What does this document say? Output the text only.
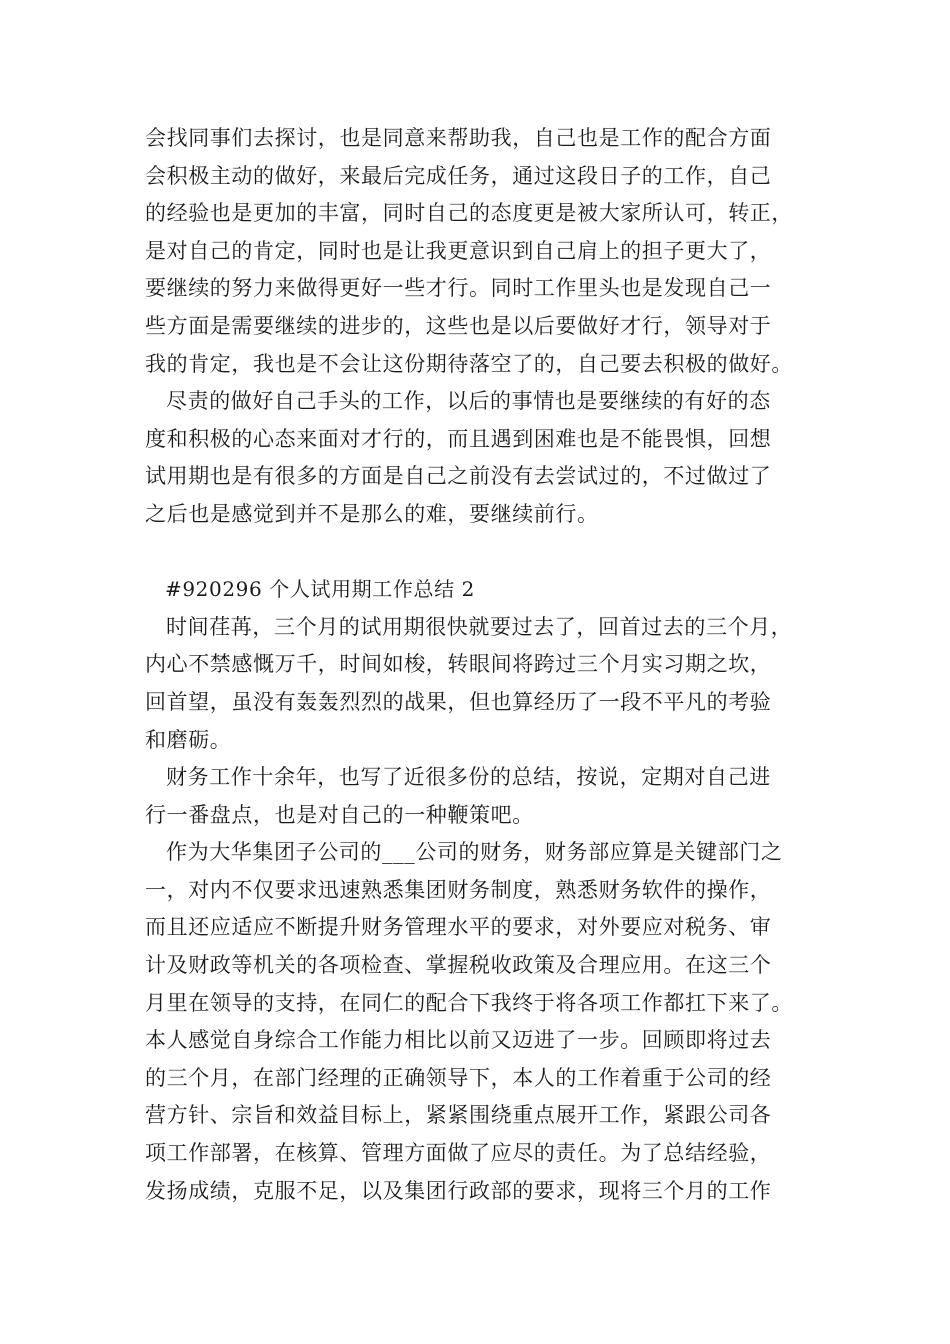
会找同事们去探讨，也是同意来帮助我，自己也是工作的配合方面
会积极主动的做好，来最后完成任务，通过这段日子的工作，自己
的经验也是更加的丰富，同时自己的态度更是被大家所认可，转正，
是对自己的肯定，同时也是让我更意识到自己肩上的担子更大了，
要继续的努力来做得更好一些才行。同时工作里头也是发现自己一
些方面是需要继续的进步的，这些也是以后要做好才行，领导对于
我的肯定，我也是不会让这份期待落空了的，自己要去积极的做好。
尽责的做好自己手头的工作，以后的事情也是要继续的有好的态
度和积极的心态来面对才行的，而且遇到困难也是不能畏惧，回想
试用期也是有很多的方面是自己之前没有去尝试过的，不过做过了
之后也是感觉到并不是那么的难，要继续前行。
#920296 个人试用期工作总结 2
时间荏苒，三个月的试用期很快就要过去了，回首过去的三个月，
内心不禁感慨万千，时间如梭，转眼间将跨过三个月实习期之坎，
回首望，虽没有轰轰烈烈的战果，但也算经历了一段不平凡的考验
和磨砺。
财务工作十余年，也写了近很多份的总结，按说，定期对自己进
行一番盘点，也是对自己的一种鞭策吧。
作为大华集团子公司的___公司的财务，财务部应算是关键部门之
一，对内不仅要求迅速熟悉集团财务制度，熟悉财务软件的操作，
而且还应适应不断提升财务管理水平的要求，对外要应对税务、审
计及财政等机关的各项检查、掌握税收政策及合理应用。在这三个
月里在领导的支持，在同仁的配合下我终于将各项工作都扛下来了。
本人感觉自身综合工作能力相比以前又迈进了一步。回顾即将过去
的三个月，在部门经理的正确领导下，本人的工作着重于公司的经
营方针、宗旨和效益目标上，紧紧围绕重点展开工作，紧跟公司各
项工作部署，在核算、管理方面做了应尽的责任。为了总结经验，
发扬成绩，克服不足，以及集团行政部的要求，现将三个月的工作
